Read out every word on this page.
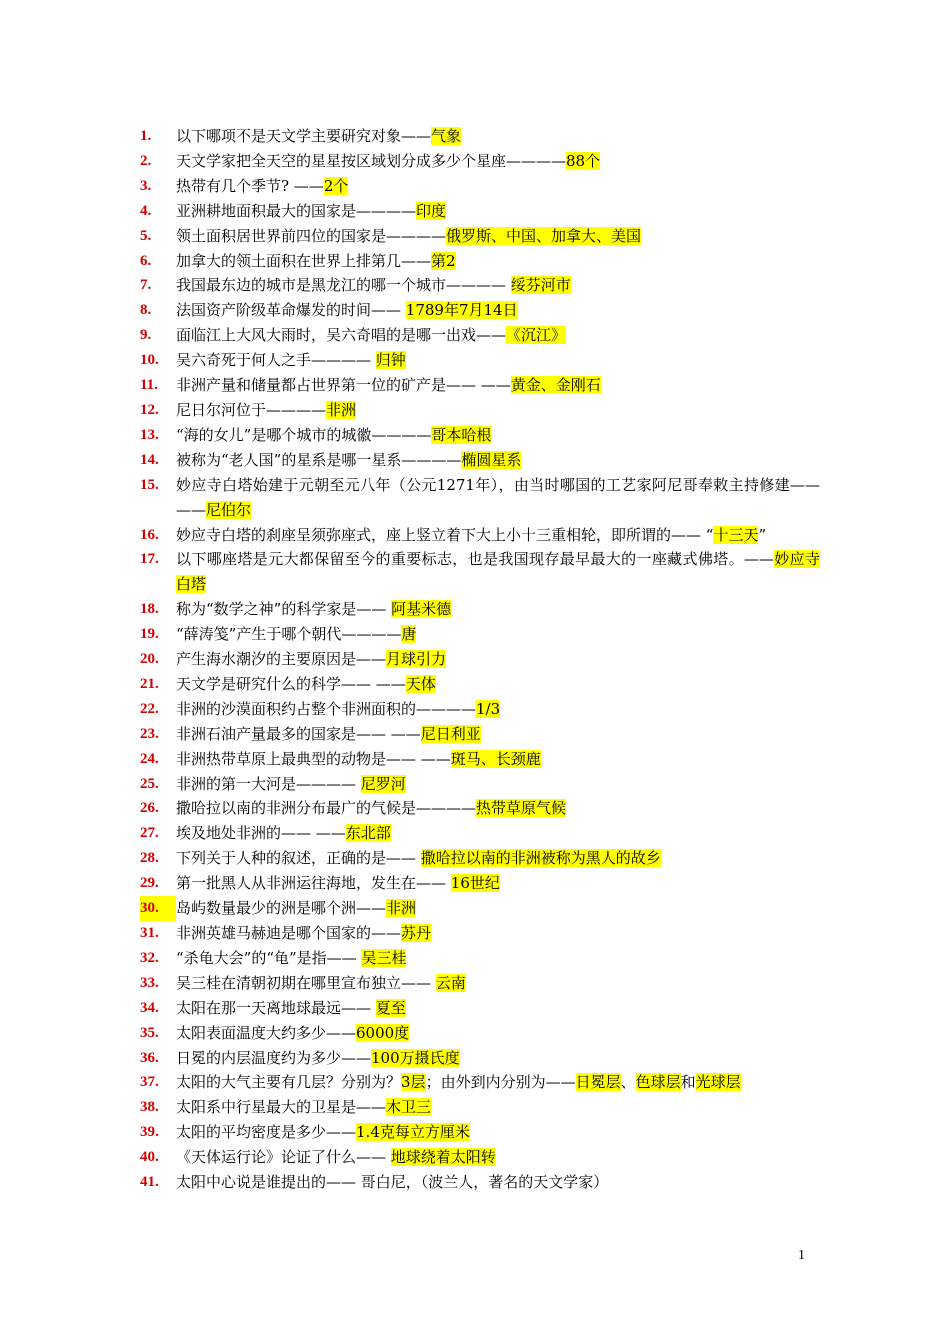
1.	以下哪项不是天文学主要研究对象——气象
2.	天文学家把全天空的星星按区域划分成多少个星座————88个
3.	热带有几个季节? ——2个
4.	亚洲耕地面积最大的国家是————印度
5.	领土面积居世界前四位的国家是————俄罗斯、中国、加拿大、美国
6.	加拿大的领土面积在世界上排第几——第2
7.	我国最东边的城市是黑龙江的哪一个城市———— 绥芬河市
8.	法国资产阶级革命爆发的时间—— 1789年7月14日
9.	面临江上大风大雨时，吴六奇唱的是哪一出戏——《沉江》
10.	吴六奇死于何人之手———— 归钟
11.	非洲产量和储量都占世界第一位的矿产是—— ——黄金、金刚石
12.	尼日尔河位于————非洲
13.	“海的女儿”是哪个城市的城徽————哥本哈根
14.	被称为“老人国”的星系是哪一星系————椭圆星系
15.	妙应寺白塔始建于元朝至元八年（公元1271年），由当时哪国的工艺家阿尼哥奉敕主持修建—— ——尼伯尔
16.	妙应寺白塔的刹座呈须弥座式，座上竖立着下大上小十三重相轮，即所谓的—— “十三天”
17.	以下哪座塔是元大都保留至今的重要标志，也是我国现存最早最大的一座藏式佛塔。——妙应寺白塔
18.	称为“数学之神”的科学家是—— 阿基米德
19.	“薛涛笺”产生于哪个朝代————唐
20.	产生海水潮汐的主要原因是——月球引力
21.	天文学是研究什么的科学—— ——天体
22.	非洲的沙漠面积约占整个非洲面积的————1/3
23.	非洲石油产量最多的国家是—— ——尼日利亚
24.	非洲热带草原上最典型的动物是—— ——斑马、长颈鹿
25.	非洲的第一大河是———— 尼罗河
26.	撒哈拉以南的非洲分布最广的气候是————热带草原气候
27.	埃及地处非洲的—— ——东北部
28.	下列关于人种的叙述，正确的是—— 撒哈拉以南的非洲被称为黑人的故乡
29.	第一批黑人从非洲运往海地，发生在—— 16世纪
30.	岛屿数量最少的洲是哪个洲——非洲
31.	非洲英雄马赫迪是哪个国家的——苏丹
32.	“杀龟大会”的“龟”是指—— 吴三桂
33.	吴三桂在清朝初期在哪里宣布独立—— 云南
34.	太阳在那一天离地球最远—— 夏至
35.	太阳表面温度大约多少——6000度
36.	日冕的内层温度约为多少——100万摄氏度
37.	太阳的大气主要有几层？分别为？3层；由外到内分别为——日冕层、色球层和光球层
38.	太阳系中行星最大的卫星是——木卫三
39.	太阳的平均密度是多少——1.4克每立方厘米
40.	《天体运行论》论证了什么—— 地球绕着太阳转
41.	太阳中心说是谁提出的—— 哥白尼，（波兰人，著名的天文学家）
1
